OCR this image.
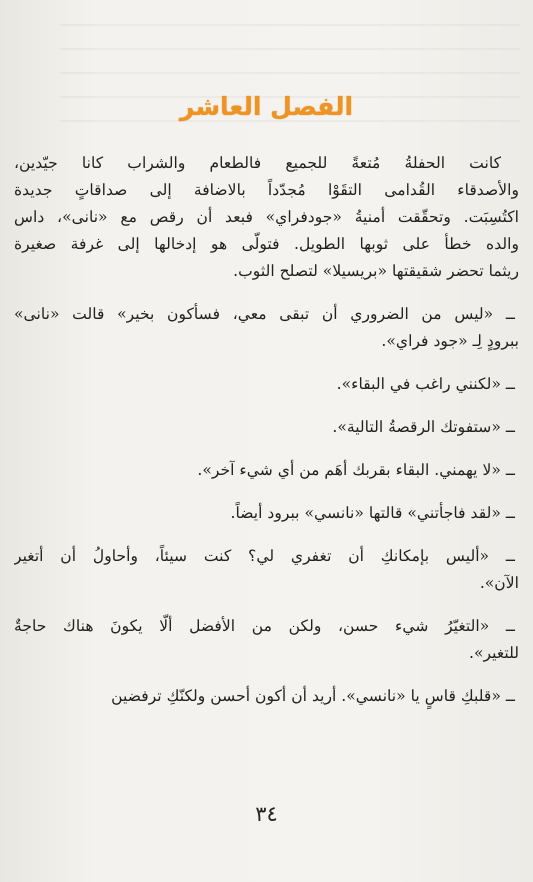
الفصل العاشر
كانت الحفلةُ مُتعةً للجميع فالطعام والشراب كانا جيّدين،
والأصدقاء القُدامى التقَوْا مُجدّداً بالاضافة إلى صداقاتٍ جديدة
اكتُسِبَت. وتحقّقت أمنيةُ «جودفراي» فبعد أن رقص مع «نانى»، داس
والده خطأ على ثوبها الطويل. فتولّى هو إدخالها إلى غرفة صغيرة
ريثما تحضر شقيقتها «بريسيلا» لتصلح الثوب.
ــ «ليس من الضروري أن تبقى معي، فسأكون بخير» قالت «نانى»
ببرودٍ لِـ «جود فراي».
ــ «لكنني راغب في البقاء».
ــ «ستفوتك الرقصةُ التالية».
ــ «لا يهمني. البقاء بقربك أهَم من أي شيء آخر».
ــ «لقد فاجأتني» قالتها «نانسي» ببرود أيضاً.
ــ «أليس بإمكانكِ أن تغفري لي؟ كنت سيئاً، وأحاولُ أن أتغير
الآن».
ــ «التغيّرُ شيء حسن، ولكن من الأفضل ألّا يكونَ هناك حاجةٌ
للتغير».
ــ «قلبكِ قاسٍ يا «نانسي». أريد أن أكون أحسن ولكنّكِ ترفضين
٣٤
